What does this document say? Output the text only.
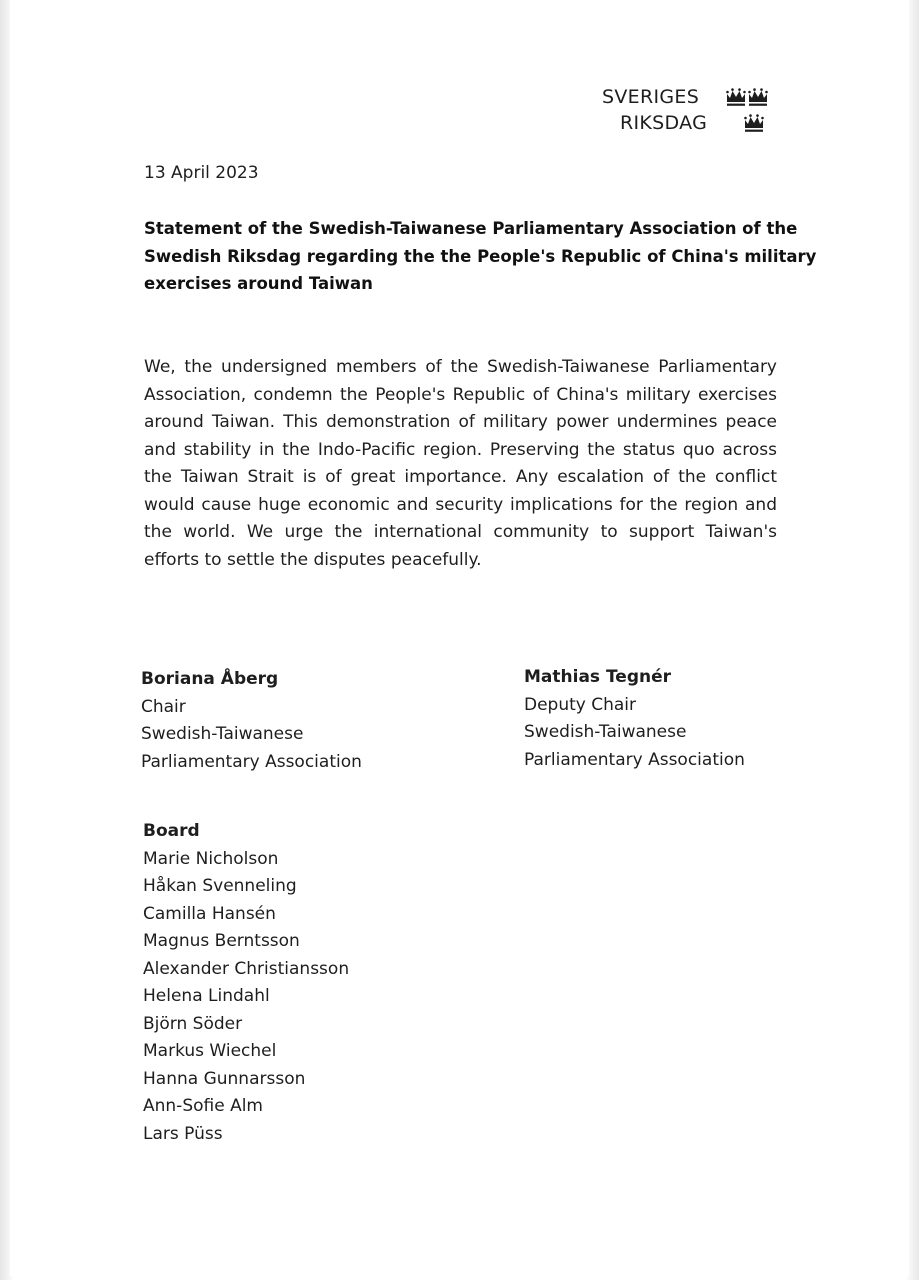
SVERIGES
RIKSDAG
13 April 2023
Statement of the Swedish-Taiwanese Parliamentary Association of the
Swedish Riksdag regarding the the People's Republic of China's military
exercises around Taiwan
We, the undersigned members of the Swedish-Taiwanese Parliamentary
Association, condemn the People's Republic of China's military exercises
around Taiwan. This demonstration of military power undermines peace
and stability in the Indo-Pacific region. Preserving the status quo across
the Taiwan Strait is of great importance. Any escalation of the conflict
would cause huge economic and security implications for the region and
the world. We urge the international community to support Taiwan's
efforts to settle the disputes peacefully.
Boriana Åberg
Chair
Swedish-Taiwanese
Parliamentary Association
Mathias Tegnér
Deputy Chair
Swedish-Taiwanese
Parliamentary Association
Board
Marie Nicholson
Håkan Svenneling
Camilla Hansén
Magnus Berntsson
Alexander Christiansson
Helena Lindahl
Björn Söder
Markus Wiechel
Hanna Gunnarsson
Ann-Sofie Alm
Lars Püss
